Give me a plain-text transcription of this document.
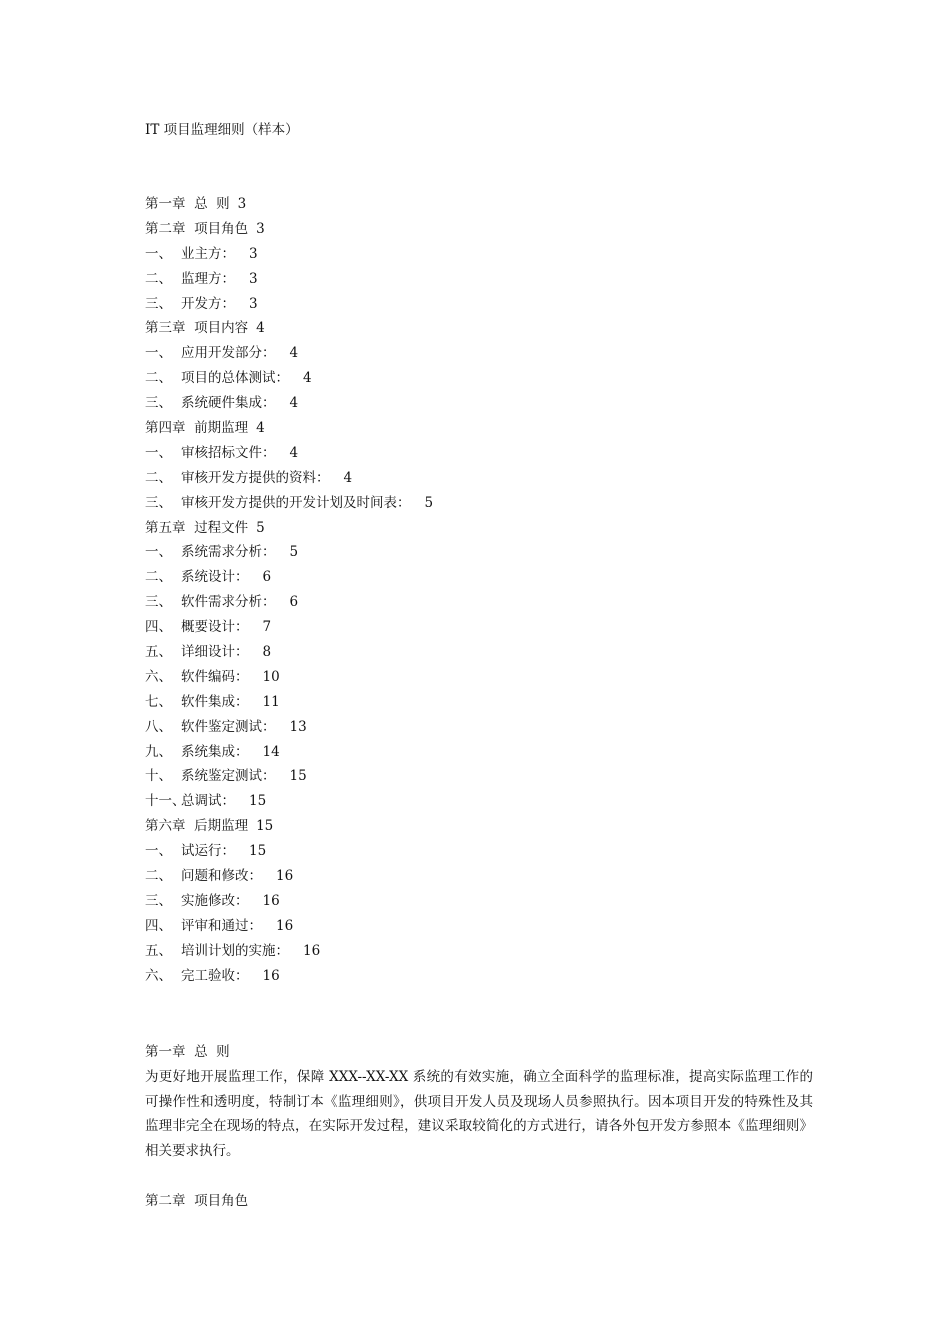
IT 项目监理细则（样本）
第一章  总  则 3
第二章  项目角色 3
一、 业主方： 3
二、 监理方： 3
三、 开发方： 3
第三章  项目内容 4
一、 应用开发部分： 4
二、 项目的总体测试： 4
三、 系统硬件集成： 4
第四章  前期监理 4
一、 审核招标文件： 4
二、 审核开发方提供的资料： 4
三、 审核开发方提供的开发计划及时间表： 5
第五章  过程文件 5
一、 系统需求分析： 5
二、 系统设计： 6
三、 软件需求分析： 6
四、 概要设计： 7
五、 详细设计： 8
六、 软件编码： 10
七、 软件集成： 11
八、 软件鉴定测试： 13
九、 系统集成： 14
十、 系统鉴定测试： 15
十一、总调试： 15
第六章  后期监理 15
一、 试运行： 15
二、 问题和修改： 16
三、 实施修改： 16
四、 评审和通过： 16
五、 培训计划的实施： 16
六、 完工验收： 16
第一章  总  则
为更好地开展监理工作，保障 XXX--XX-XX 系统的有效实施，确立全面科学的监理标准，提高实际监理工作的可操作性和透明度，特制订本《监理细则》，供项目开发人员及现场人员参照执行。因本项目开发的特殊性及其监理非完全在现场的特点，在实际开发过程，建议采取较简化的方式进行，请各外包开发方参照本《监理细则》相关要求执行。
第二章  项目角色
